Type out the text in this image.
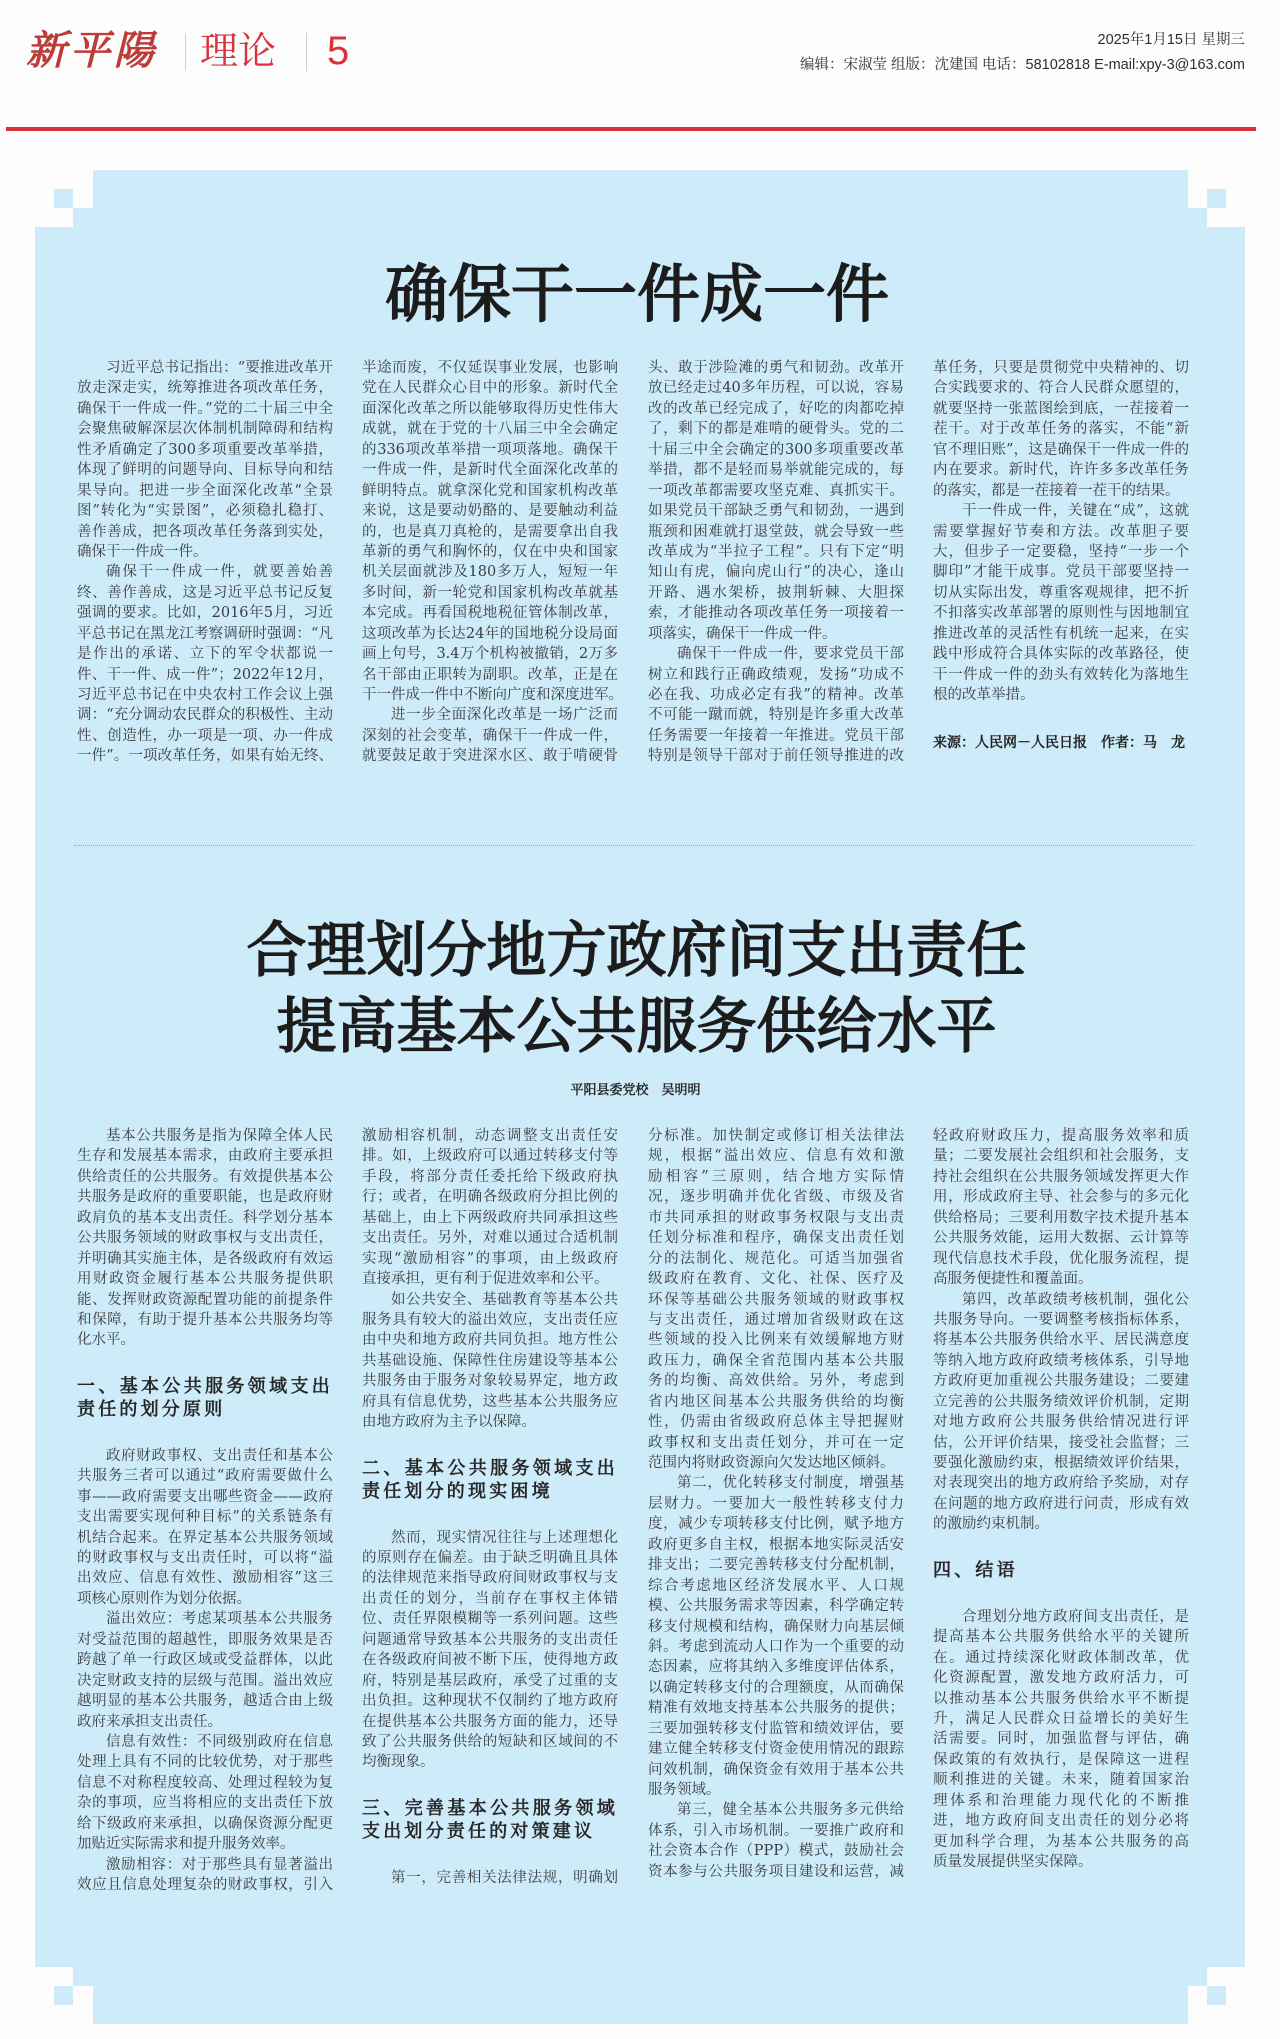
新平陽 理论 5	2025年1月15日 星期三
编辑：宋淑莹 组版：沈建国 电话：58102818 E-mail:xpy-3@163.com
确保干一件成一件
习近平总书记指出：“要推进改革开
放走深走实，统筹推进各项改革任务，
确保干一件成一件。”党的二十届三中全
会聚焦破解深层次体制机制障碍和结构
性矛盾确定了300多项重要改革举措，
体现了鲜明的问题导向、目标导向和结
果导向。把进一步全面深化改革“全景
图”转化为“实景图”，必须稳扎稳打、
善作善成，把各项改革任务落到实处，
确保干一件成一件。
确保干一件成一件，就要善始善
终、善作善成，这是习近平总书记反复
强调的要求。比如，2016年5月，习近
平总书记在黑龙江考察调研时强调：“凡
是作出的承诺、立下的军令状都说一
件、干一件、成一件”；2022年12月，
习近平总书记在中央农村工作会议上强
调：“充分调动农民群众的积极性、主动
性、创造性，办一项是一项、办一件成
一件”。一项改革任务，如果有始无终、
半途而废，不仅延误事业发展，也影响
党在人民群众心目中的形象。新时代全
面深化改革之所以能够取得历史性伟大
成就，就在于党的十八届三中全会确定
的336项改革举措一项项落地。确保干
一件成一件，是新时代全面深化改革的
鲜明特点。就拿深化党和国家机构改革
来说，这是要动奶酪的、是要触动利益
的，也是真刀真枪的，是需要拿出自我
革新的勇气和胸怀的，仅在中央和国家
机关层面就涉及180多万人，短短一年
多时间，新一轮党和国家机构改革就基
本完成。再看国税地税征管体制改革，
这项改革为长达24年的国地税分设局面
画上句号，3.4万个机构被撤销，2万多
名干部由正职转为副职。改革，正是在
干一件成一件中不断向广度和深度进军。
进一步全面深化改革是一场广泛而
深刻的社会变革，确保干一件成一件，
就要鼓足敢于突进深水区、敢于啃硬骨
头、敢于涉险滩的勇气和韧劲。改革开
放已经走过40多年历程，可以说，容易
改的改革已经完成了，好吃的肉都吃掉
了，剩下的都是难啃的硬骨头。党的二
十届三中全会确定的300多项重要改革
举措，都不是轻而易举就能完成的，每
一项改革都需要攻坚克难、真抓实干。
如果党员干部缺乏勇气和韧劲，一遇到
瓶颈和困难就打退堂鼓，就会导致一些
改革成为“半拉子工程”。只有下定“明
知山有虎，偏向虎山行”的决心，逢山
开路、遇水架桥，披荆斩棘、大胆探
索，才能推动各项改革任务一项接着一
项落实，确保干一件成一件。
确保干一件成一件，要求党员干部
树立和践行正确政绩观，发扬“功成不
必在我、功成必定有我”的精神。改革
不可能一蹴而就，特别是许多重大改革
任务需要一年接着一年推进。党员干部
特别是领导干部对于前任领导推进的改
革任务，只要是贯彻党中央精神的、切
合实践要求的、符合人民群众愿望的，
就要坚持一张蓝图绘到底，一茬接着一
茬干。对于改革任务的落实，不能“新
官不理旧账”，这是确保干一件成一件的
内在要求。新时代，许许多多改革任务
的落实，都是一茬接着一茬干的结果。
干一件成一件，关键在“成”，这就
需要掌握好节奏和方法。改革胆子要
大，但步子一定要稳，坚持“一步一个
脚印”才能干成事。党员干部要坚持一
切从实际出发，尊重客观规律，把不折
不扣落实改革部署的原则性与因地制宜
推进改革的灵活性有机统一起来，在实
践中形成符合具体实际的改革路径，使
干一件成一件的劲头有效转化为落地生
根的改革举措。
来源：人民网－人民日报　作者：马　龙
合理划分地方政府间支出责任
提高基本公共服务供给水平
平阳县委党校　吴明明
基本公共服务是指为保障全体人民
生存和发展基本需求，由政府主要承担
供给责任的公共服务。有效提供基本公
共服务是政府的重要职能，也是政府财
政肩负的基本支出责任。科学划分基本
公共服务领域的财政事权与支出责任，
并明确其实施主体，是各级政府有效运
用财政资金履行基本公共服务提供职
能、发挥财政资源配置功能的前提条件
和保障，有助于提升基本公共服务均等
化水平。
一、基本公共服务领域支出
责任的划分原则
政府财政事权、支出责任和基本公
共服务三者可以通过“政府需要做什么
事——政府需要支出哪些资金——政府
支出需要实现何种目标”的关系链条有
机结合起来。在界定基本公共服务领域
的财政事权与支出责任时，可以将“溢
出效应、信息有效性、激励相容”这三
项核心原则作为划分依据。
溢出效应：考虑某项基本公共服务
对受益范围的超越性，即服务效果是否
跨越了单一行政区域或受益群体，以此
决定财政支持的层级与范围。溢出效应
越明显的基本公共服务，越适合由上级
政府来承担支出责任。
信息有效性：不同级别政府在信息
处理上具有不同的比较优势，对于那些
信息不对称程度较高、处理过程较为复
杂的事项，应当将相应的支出责任下放
给下级政府来承担，以确保资源分配更
加贴近实际需求和提升服务效率。
激励相容：对于那些具有显著溢出
效应且信息处理复杂的财政事权，引入
激励相容机制，动态调整支出责任安
排。如，上级政府可以通过转移支付等
手段，将部分责任委托给下级政府执
行；或者，在明确各级政府分担比例的
基础上，由上下两级政府共同承担这些
支出责任。另外，对难以通过合适机制
实现“激励相容”的事项，由上级政府
直接承担，更有利于促进效率和公平。
如公共安全、基础教育等基本公共
服务具有较大的溢出效应，支出责任应
由中央和地方政府共同负担。地方性公
共基础设施、保障性住房建设等基本公
共服务由于服务对象较易界定，地方政
府具有信息优势，这些基本公共服务应
由地方政府为主予以保障。
二、基本公共服务领域支出
责任划分的现实困境
然而，现实情况往往与上述理想化
的原则存在偏差。由于缺乏明确且具体
的法律规范来指导政府间财政事权与支
出责任的划分，当前存在事权主体错
位、责任界限模糊等一系列问题。这些
问题通常导致基本公共服务的支出责任
在各级政府间被不断下压，使得地方政
府，特别是基层政府，承受了过重的支
出负担。这种现状不仅制约了地方政府
在提供基本公共服务方面的能力，还导
致了公共服务供给的短缺和区域间的不
均衡现象。
三、完善基本公共服务领域
支出划分责任的对策建议
第一，完善相关法律法规，明确划
分标准。加快制定或修订相关法律法
规，根据“溢出效应、信息有效和激
励相容”三原则，结合地方实际情
况，逐步明确并优化省级、市级及省
市共同承担的财政事务权限与支出责
任划分标准和程序，确保支出责任划
分的法制化、规范化。可适当加强省
级政府在教育、文化、社保、医疗及
环保等基础公共服务领域的财政事权
与支出责任，通过增加省级财政在这
些领域的投入比例来有效缓解地方财
政压力，确保全省范围内基本公共服
务的均衡、高效供给。另外，考虑到
省内地区间基本公共服务供给的均衡
性，仍需由省级政府总体主导把握财
政事权和支出责任划分，并可在一定
范围内将财政资源向欠发达地区倾斜。
第二，优化转移支付制度，增强基
层财力。一要加大一般性转移支付力
度，减少专项转移支付比例，赋予地方
政府更多自主权，根据本地实际灵活安
排支出；二要完善转移支付分配机制，
综合考虑地区经济发展水平、人口规
模、公共服务需求等因素，科学确定转
移支付规模和结构，确保财力向基层倾
斜。考虑到流动人口作为一个重要的动
态因素，应将其纳入多维度评估体系，
以确定转移支付的合理额度，从而确保
精准有效地支持基本公共服务的提供；
三要加强转移支付监管和绩效评估，要
建立健全转移支付资金使用情况的跟踪
问效机制，确保资金有效用于基本公共
服务领域。
第三，健全基本公共服务多元供给
体系，引入市场机制。一要推广政府和
社会资本合作（PPP）模式，鼓励社会
资本参与公共服务项目建设和运营，减
轻政府财政压力，提高服务效率和质
量；二要发展社会组织和社会服务，支
持社会组织在公共服务领域发挥更大作
用，形成政府主导、社会参与的多元化
供给格局；三要利用数字技术提升基本
公共服务效能，运用大数据、云计算等
现代信息技术手段，优化服务流程，提
高服务便捷性和覆盖面。
第四，改革政绩考核机制，强化公
共服务导向。一要调整考核指标体系，
将基本公共服务供给水平、居民满意度
等纳入地方政府政绩考核体系，引导地
方政府更加重视公共服务建设；二要建
立完善的公共服务绩效评价机制，定期
对地方政府公共服务供给情况进行评
估，公开评价结果，接受社会监督；三
要强化激励约束，根据绩效评价结果，
对表现突出的地方政府给予奖励，对存
在问题的地方政府进行问责，形成有效
的激励约束机制。
四、结语
合理划分地方政府间支出责任，是
提高基本公共服务供给水平的关键所
在。通过持续深化财政体制改革，优
化资源配置，激发地方政府活力，可
以推动基本公共服务供给水平不断提
升，满足人民群众日益增长的美好生
活需要。同时，加强监督与评估，确
保政策的有效执行，是保障这一进程
顺利推进的关键。未来，随着国家治
理体系和治理能力现代化的不断推
进，地方政府间支出责任的划分必将
更加科学合理，为基本公共服务的高
质量发展提供坚实保障。
